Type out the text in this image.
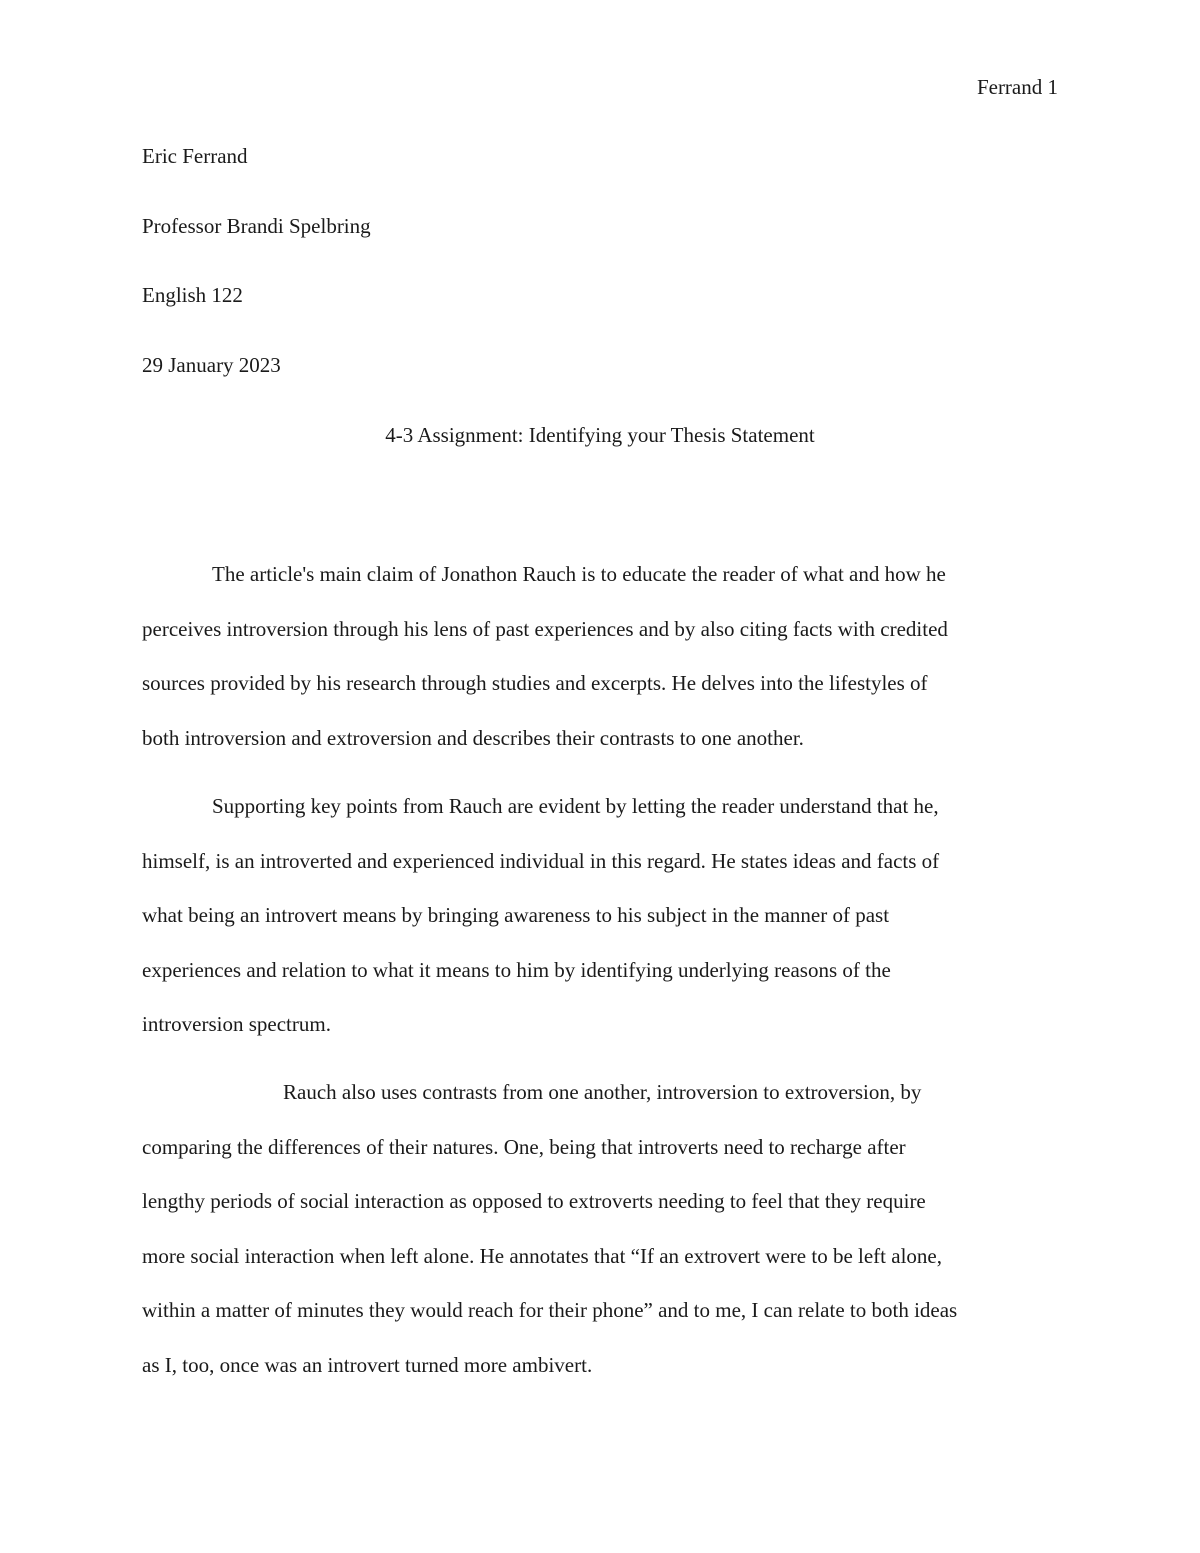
Ferrand 1
Eric Ferrand
Professor Brandi Spelbring
English 122
29 January 2023
4-3 Assignment: Identifying your Thesis Statement
The article's main claim of Jonathon Rauch is to educate the reader of what and how he
perceives introversion through his lens of past experiences and by also citing facts with credited
sources provided by his research through studies and excerpts. He delves into the lifestyles of
both introversion and extroversion and describes their contrasts to one another.
Supporting key points from Rauch are evident by letting the reader understand that he,
himself, is an introverted and experienced individual in this regard. He states ideas and facts of
what being an introvert means by bringing awareness to his subject in the manner of past
experiences and relation to what it means to him by identifying underlying reasons of the
introversion spectrum.
Rauch also uses contrasts from one another, introversion to extroversion, by
comparing the differences of their natures. One, being that introverts need to recharge after
lengthy periods of social interaction as opposed to extroverts needing to feel that they require
more social interaction when left alone. He annotates that “If an extrovert were to be left alone,
within a matter of minutes they would reach for their phone” and to me, I can relate to both ideas
as I, too, once was an introvert turned more ambivert.
